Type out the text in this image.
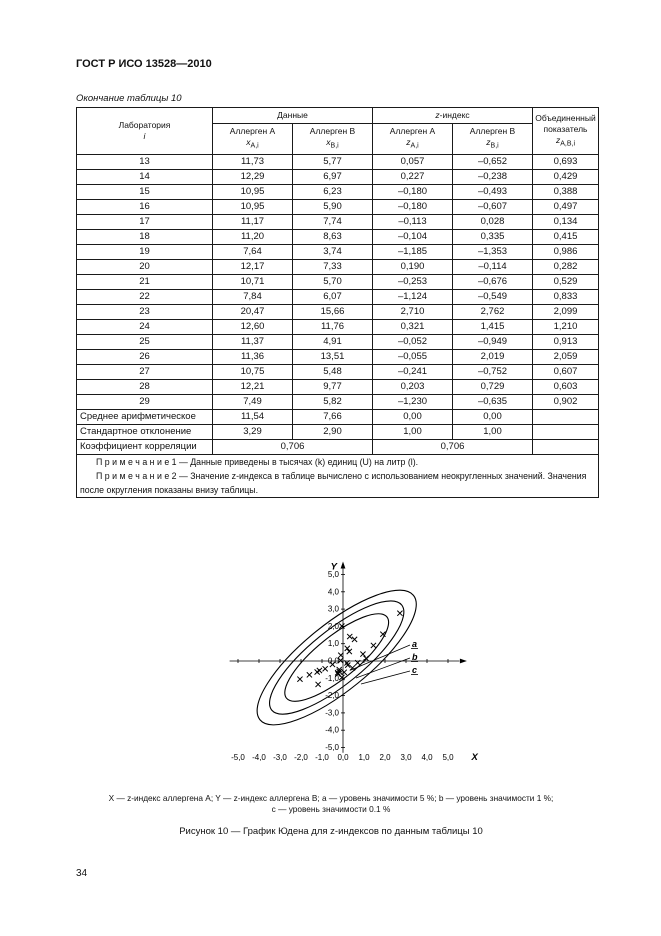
ГОСТ Р ИСО 13528—2010
Окончание таблицы 10
Лаборатория
i
	Данные	z-индекс	Объединенный
показатель
$z_{A,B,i}$

Аллерген A
$x_{A,i}$

Аллерген B
$x_{B,i}$

Аллерген A
$z_{A,i}$

Аллерген B
$z_{B,i}$

13	11,73	5,77	0,057	–0,652	0,693
14	12,29	6,97	0,227	–0,238	0,429
15	10,95	6,23	–0,180	–0,493	0,388
16	10,95	5,90	–0,180	–0,607	0,497
17	11,17	7,74	–0,113	0,028	0,134
18	11,20	8,63	–0,104	0,335	0,415
19	7,64	3,74	–1,185	–1,353	0,986
20	12,17	7,33	0,190	–0,114	0,282
21	10,71	5,70	–0,253	–0,676	0,529
22	7,84	6,07	–1,124	–0,549	0,833
23	20,47	15,66	2,710	2,762	2,099
24	12,60	11,76	0,321	1,415	1,210
25	11,37	4,91	–0,052	–0,949	0,913
26	11,36	13,51	–0,055	2,019	2,059
27	10,75	5,48	–0,241	–0,752	0,607
28	12,21	9,77	0,203	0,729	0,603
29	7,49	5,82	–1,230	–0,635	0,902
Среднее арифметическое	11,54	7,66	0,00	0,00	
Стандартное отклонение	3,29	2,90	1,00	1,00	
Коэффициент корреляции	0,706		0,706		

П р и м е ч а н и е 1 — Данные приведены в тысячах (k) единиц (U) на литр (l).

П р и м е ч а н и е 2 — Значение z-индекса в таблице вычислено с использованием неокругленных значений. Значения после округления показаны внизу таблицы.					

-5,0 -4,0 -3,0 -2,0 -1,0 0,0 1,0 2,0 3,0 4,0 5,0
5,0
4,0
3,0
2,0
1,0
0,0
-1,0
-2,0
-3,0
-4,0
-5,0
Y
X
a
b
c
X — z-индекс аллергена A; Y — z-индекс аллергена B; a — уровень значимости 5 %; b — уровень значимости 1 %;
c — уровень значимости 0.1 %
Рисунок 10 — График Юдена для z-индексов по данным таблицы 10
34
